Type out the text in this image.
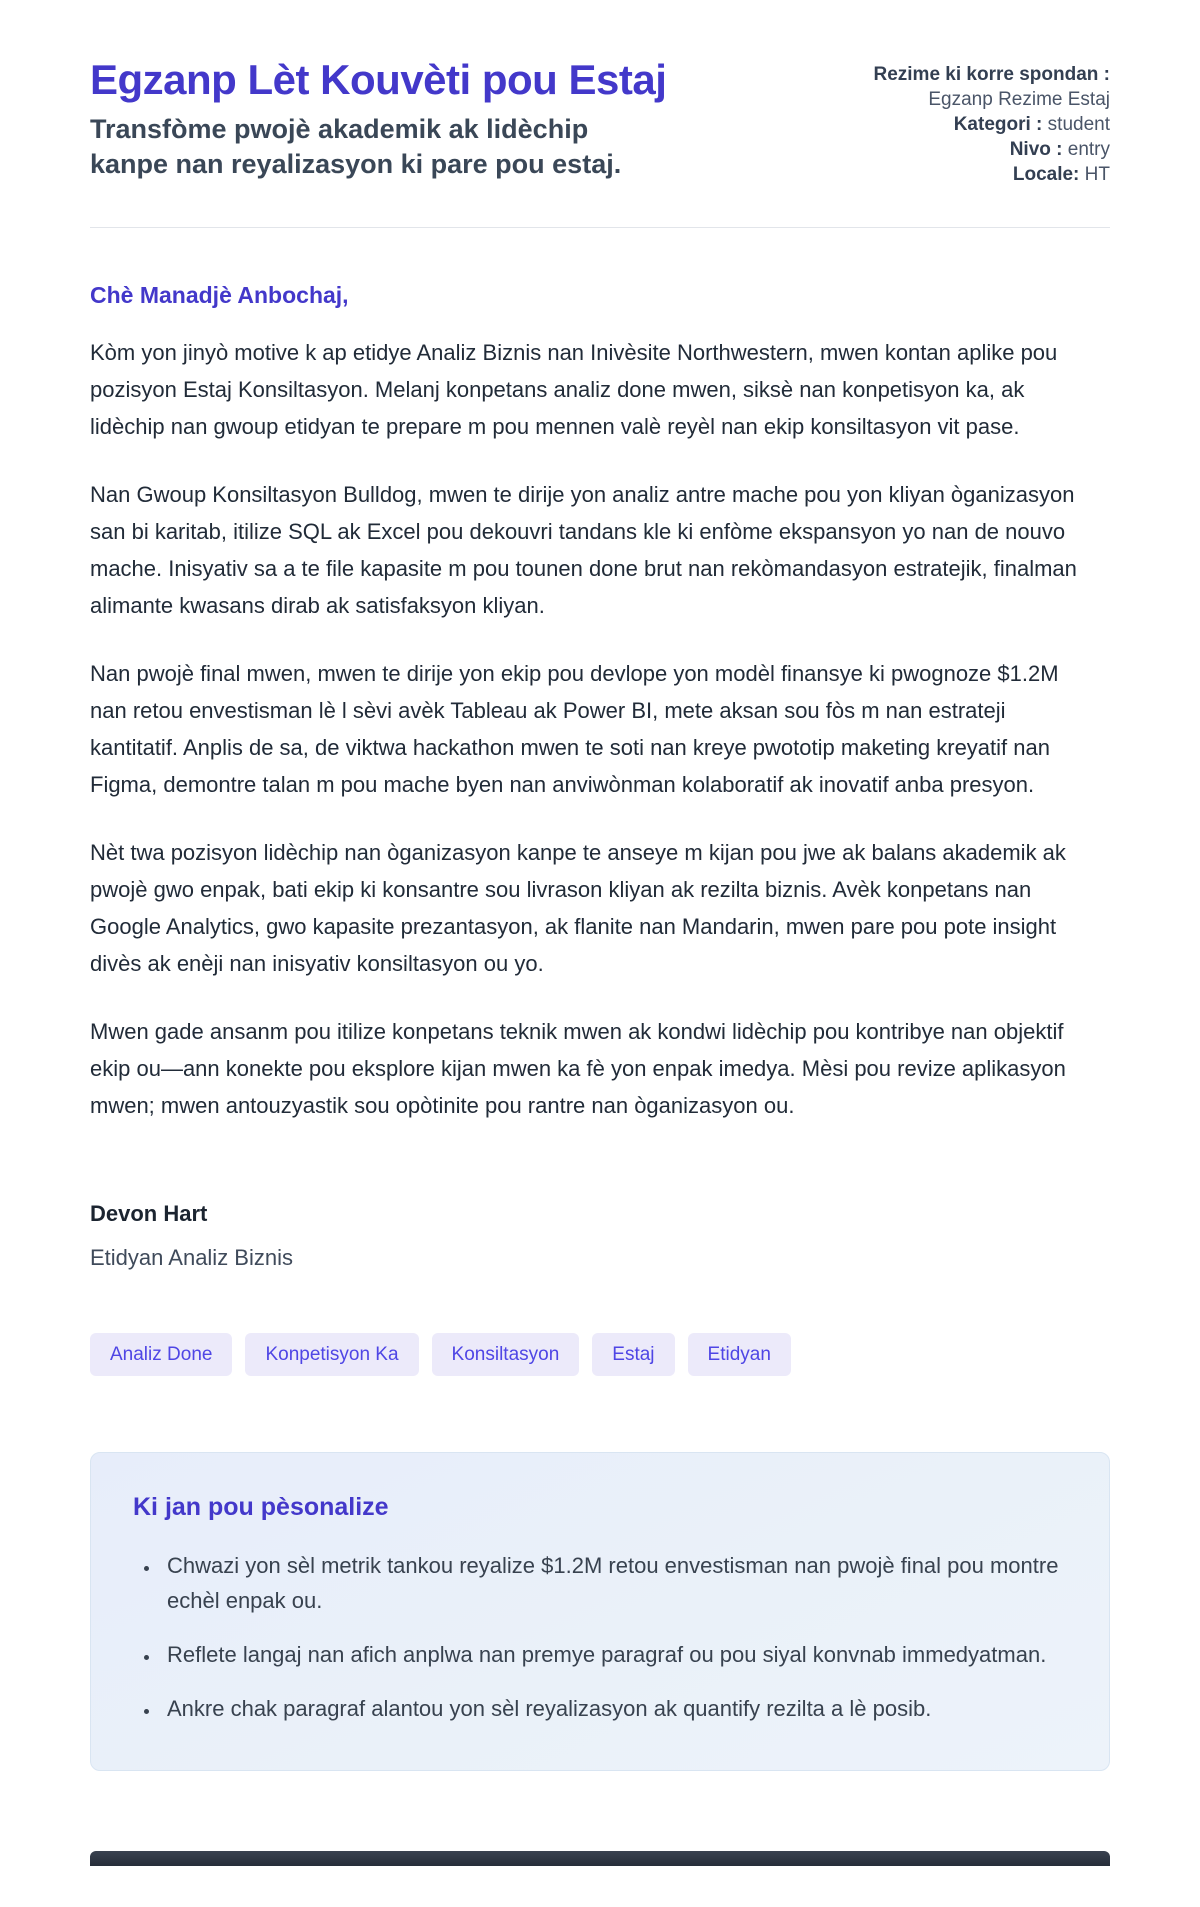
Egzanp Lèt Kouvèti pou Estaj

Transfòme pwojè akademik ak lidèchip kanpe nan reyalizasyon ki pare pou estaj.

Rezime ki korre spondan :
Egzanp Rezime Estaj
Kategori : student
Nivo : entry
Locale: HT
Chè Manadjè Anbochaj,

Kòm yon jinyò motive k ap etidye Analiz Biznis nan Inivèsite Northwestern, mwen kontan aplike pou pozisyon Estaj Konsiltasyon. Melanj konpetans analiz done mwen, siksè nan konpetisyon ka, ak lidèchip nan gwoup etidyan te prepare m pou mennen valè reyèl nan ekip konsiltasyon vit pase.

Nan Gwoup Konsiltasyon Bulldog, mwen te dirije yon analiz antre mache pou yon kliyan òganizasyon san bi karitab, itilize SQL ak Excel pou dekouvri tandans kle ki enfòme ekspansyon yo nan de nouvo mache. Inisyativ sa a te file kapasite m pou tounen done brut nan rekòmandasyon estratejik, finalman alimante kwasans dirab ak satisfaksyon kliyan.

Nan pwojè final mwen, mwen te dirije yon ekip pou devlope yon modèl finansye ki pwognoze $1.2M nan retou envestisman lè l sèvi avèk Tableau ak Power BI, mete aksan sou fòs m nan estrateji kantitatif. Anplis de sa, de viktwa hackathon mwen te soti nan kreye pwototip maketing kreyatif nan Figma, demontre talan m pou mache byen nan anviwònman kolaboratif ak inovatif anba presyon.

Nèt twa pozisyon lidèchip nan òganizasyon kanpe te anseye m kijan pou jwe ak balans akademik ak pwojè gwo enpak, bati ekip ki konsantre sou livrason kliyan ak rezilta biznis. Avèk konpetans nan Google Analytics, gwo kapasite prezantasyon, ak flanite nan Mandarin, mwen pare pou pote insight divès ak enèji nan inisyativ konsiltasyon ou yo.

Mwen gade ansanm pou itilize konpetans teknik mwen ak kondwi lidèchip pou kontribye nan objektif ekip ou—ann konekte pou eksplore kijan mwen ka fè yon enpak imedya. Mèsi pou revize aplikasyon mwen; mwen antouzyastik sou opòtinite pou rantre nan òganizasyon ou.

Devon Hart

Etidyan Analiz Biznis

Analiz Done	Konpetisyon Ka	Konsiltasyon	Estaj	Etidyan
Ki jan pou pèsonalize
• Chwazi yon sèl metrik tankou reyalize $1.2M retou envestisman nan pwojè final pou montre echèl enpak ou.
• Reflete langaj nan afich anplwa nan premye paragraf ou pou siyal konvnab immedyatman.
• Ankre chak paragraf alantou yon sèl reyalizasyon ak quantify rezilta a lè posib.
